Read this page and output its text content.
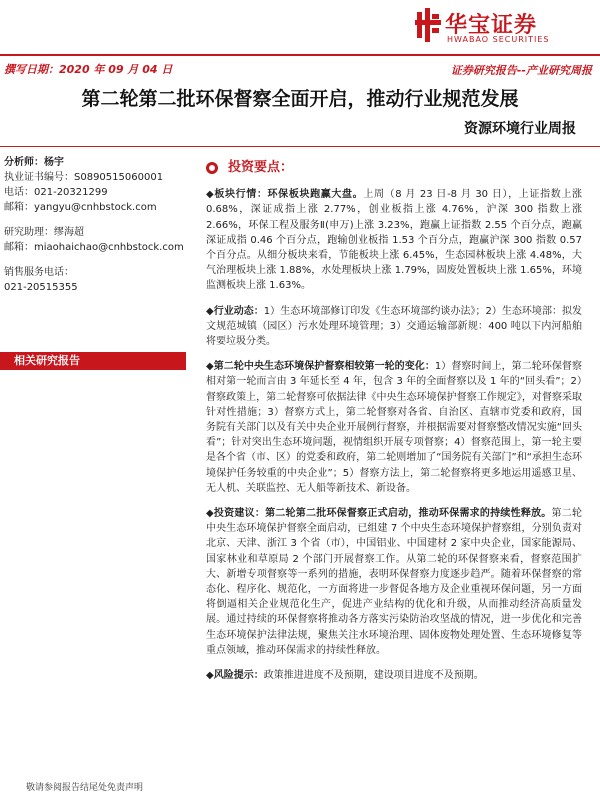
华宝证券
HWABAO SECURITIES
撰写日期：2020 年 09 月 04 日	证券研究报告--产业研究周报
第二轮第二批环保督察全面开启，推动行业规范发展
资源环境行业周报
分析师：杨宇
执业证书编号：S0890515060001
电话：021-20321299
邮箱：yangyu@cnhbstock.com
研究助理：缪海超
邮箱：miaohaichao@cnhbstock.com
销售服务电话：
021-20515355
相关研究报告
投资要点：

◆板块行情：环保板块跑赢大盘。上周（8 月 23 日-8 月 30 日），上证指数上涨 0.68%，深证成指上涨 2.77%，创业板指上涨 4.76%，沪深 300 指数上涨 2.66%，环保工程及服务Ⅱ(申万)上涨 3.23%，跑赢上证指数 2.55 个百分点，跑赢深证成指 0.46 个百分点，跑输创业板指 1.53 个百分点，跑赢沪深 300 指数 0.57 个百分点。从细分板块来看，节能板块上涨 6.45%，生态园林板块上涨 4.48%，大气治理板块上涨 1.88%，水处理板块上涨 1.79%，固废处置板块上涨 1.65%，环境监测板块上涨 1.63%。

◆行业动态：1）生态环境部修订印发《生态环境部约谈办法》；2）生态环境部：拟发文规范城镇（园区）污水处理环境管理；3）交通运输部新规：400 吨以下内河船舶将要垃圾分类。

◆第二轮中央生态环境保护督察相较第一轮的变化：1）督察时间上，第二轮环保督察相对第一轮而言由 3 年延长至 4 年，包含 3 年的全面督察以及 1 年的“回头看”；2）督察政策上，第二轮督察可依据法律《中央生态环境保护督察工作规定》，对督察采取针对性措施；3）督察方式上，第二轮督察对各省、自治区、直辖市党委和政府，国务院有关部门以及有关中央企业开展例行督察，并根据需要对督察整改情况实施“回头看”；针对突出生态环境问题，视情组织开展专项督察；4）督察范围上，第一轮主要是各个省（市、区）的党委和政府，第二轮则增加了“国务院有关部门”和“承担生态环境保护任务较重的中央企业”；5）督察方法上，第二轮督察将更多地运用遥感卫星、无人机、关联监控、无人船等新技术、新设备。

◆投资建议：第二轮第二批环保督察正式启动，推动环保需求的持续性释放。第二轮中央生态环境保护督察全面启动，已组建 7 个中央生态环境保护督察组，分别负责对北京、天津、浙江 3 个省（市），中国铝业、中国建材 2 家中央企业，国家能源局、国家林业和草原局 2 个部门开展督察工作。从第二轮的环保督察来看，督察范围扩大、新增专项督察等一系列的措施，表明环保督察力度逐步趋严。随着环保督察的常态化、程序化、规范化，一方面将进一步督促各地方及企业重视环保问题，另一方面将倒逼相关企业规范化生产，促进产业结构的优化和升级，从而推动经济高质量发展。通过持续的环保督察将推动各方落实污染防治攻坚战的情况，进一步优化和完善生态环境保护法律法规，聚焦关注水环境治理、固体废物处理处置、生态环境修复等重点领域，推动环保需求的持续性释放。

◆风险提示：政策推进进度不及预期，建设项目进度不及预期。

敬请参阅报告结尾处免责声明
